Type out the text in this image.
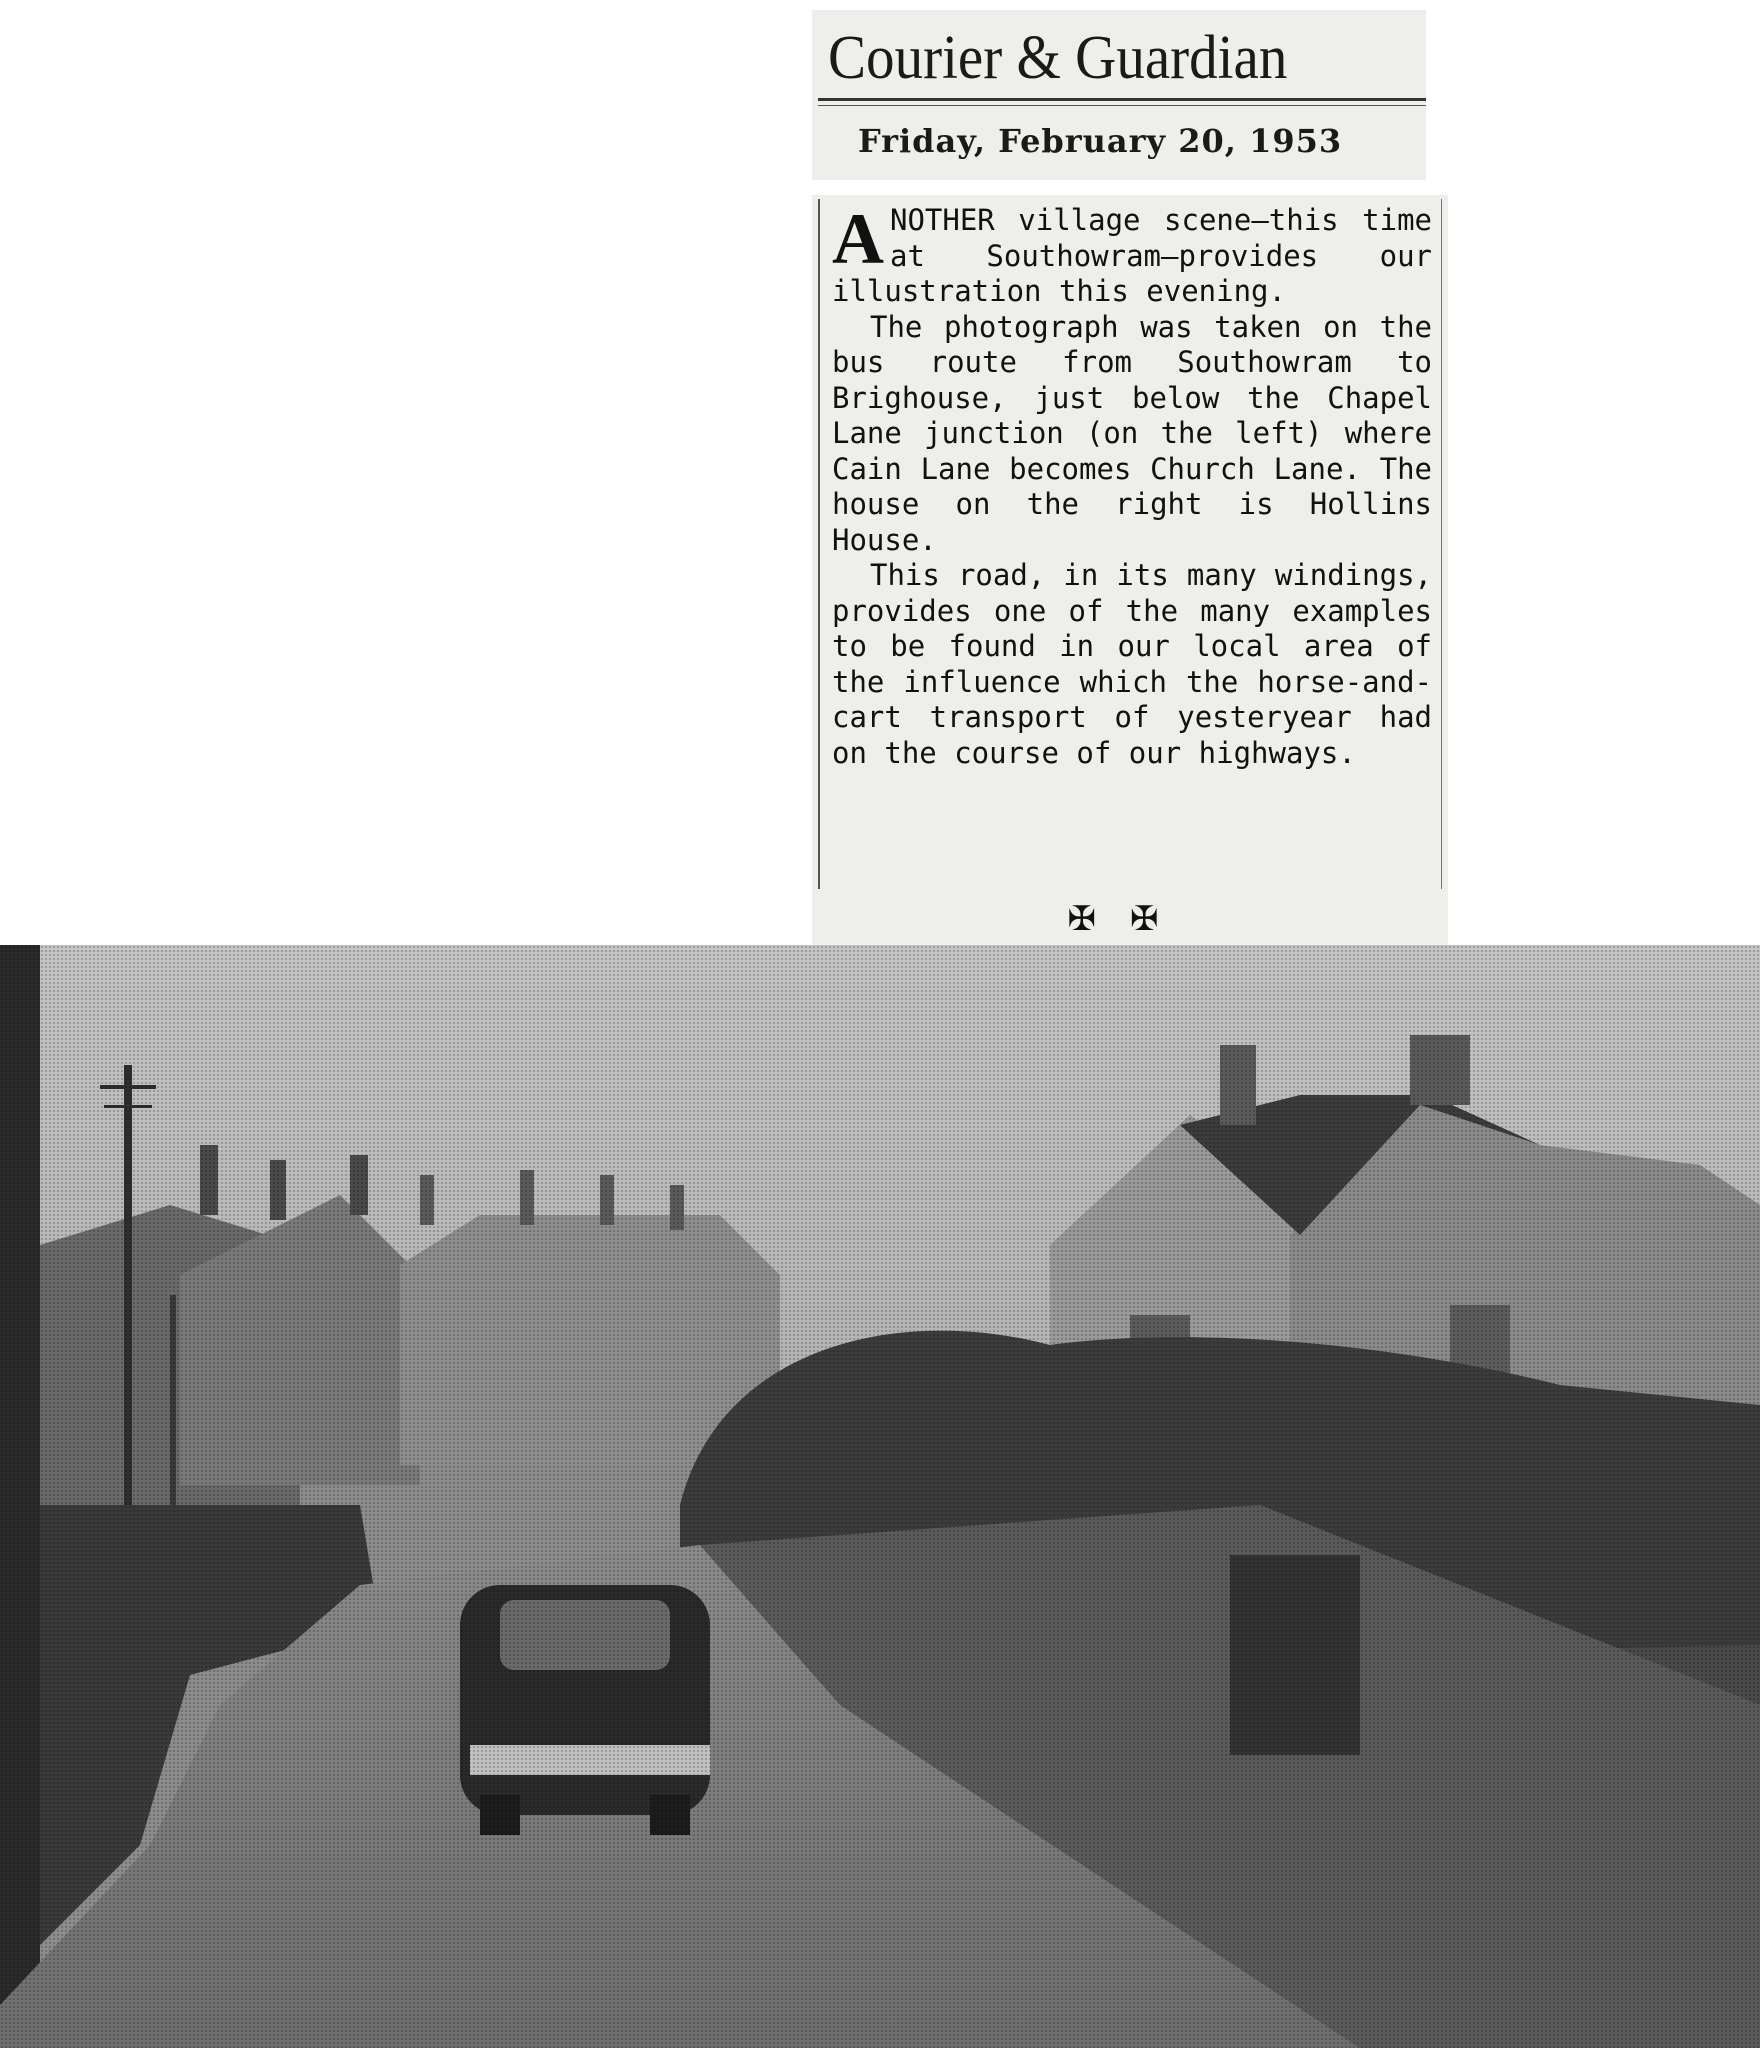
Courier & Guardian
Friday, February 20, 1953

ANOTHER village scene—this time at Southowram—provides our illustration this evening.

The photograph was taken on the bus route from Southowram to Brighouse, just below the Chapel Lane junction (on the left) where Cain Lane becomes Church Lane. The house on the right is Hollins House.

This road, in its many windings, provides one of the many examples to be found in our local area of the influence which the horse-and-cart transport of yesteryear had on the course of our highways.

✠✠
